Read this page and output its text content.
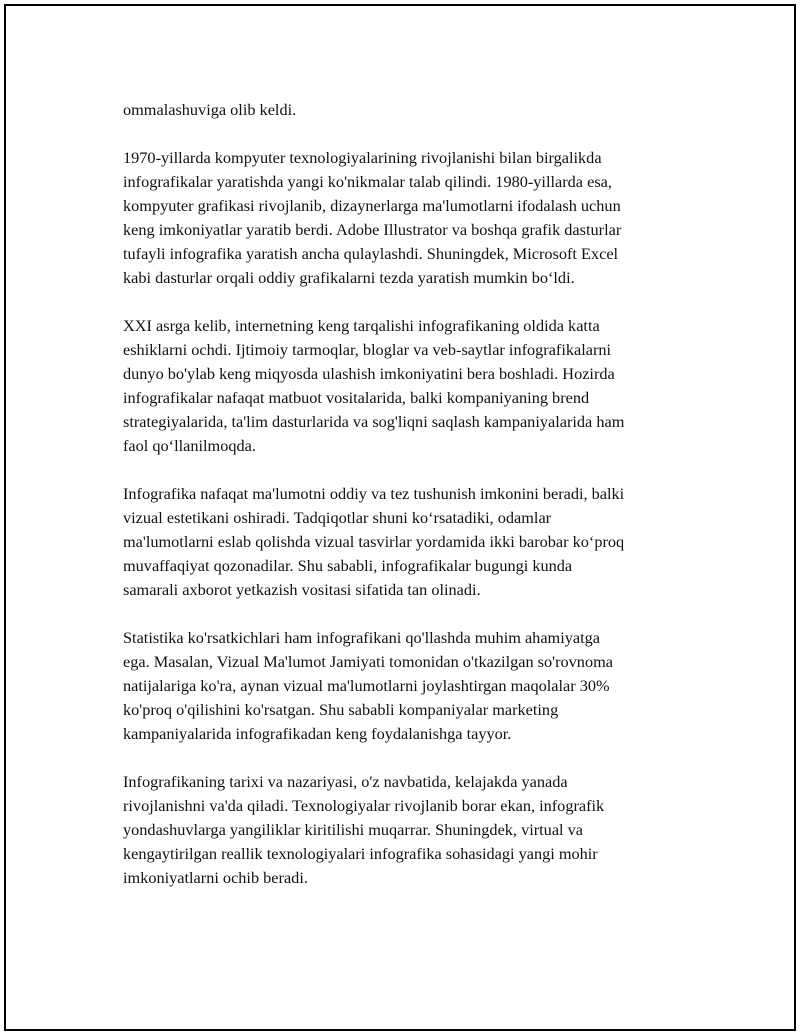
ommalashuviga olib keldi.

1970-yillarda kompyuter texnologiyalarining rivojlanishi bilan birgalikda
infografikalar yaratishda yangi ko'nikmalar talab qilindi. 1980-yillarda esa,
kompyuter grafikasi rivojlanib, dizaynerlarga ma'lumotlarni ifodalash uchun
keng imkoniyatlar yaratib berdi. Adobe Illustrator va boshqa grafik dasturlar
tufayli infografika yaratish ancha qulaylashdi. Shuningdek, Microsoft Excel
kabi dasturlar orqali oddiy grafikalarni tezda yaratish mumkin bo‘ldi.

XXI asrga kelib, internetning keng tarqalishi infografikaning oldida katta
eshiklarni ochdi. Ijtimoiy tarmoqlar, bloglar va veb-saytlar infografikalarni
dunyo bo'ylab keng miqyosda ulashish imkoniyatini bera boshladi. Hozirda
infografikalar nafaqat matbuot vositalarida, balki kompaniyaning brend
strategiyalarida, ta'lim dasturlarida va sog'liqni saqlash kampaniyalarida ham
faol qo‘llanilmoqda.

Infografika nafaqat ma'lumotni oddiy va tez tushunish imkonini beradi, balki
vizual estetikani oshiradi. Tadqiqotlar shuni ko‘rsatadiki, odamlar
ma'lumotlarni eslab qolishda vizual tasvirlar yordamida ikki barobar ko‘proq
muvaffaqiyat qozonadilar. Shu sababli, infografikalar bugungi kunda
samarali axborot yetkazish vositasi sifatida tan olinadi.

Statistika ko'rsatkichlari ham infografikani qo'llashda muhim ahamiyatga
ega. Masalan, Vizual Ma'lumot Jamiyati tomonidan o'tkazilgan so'rovnoma
natijalariga ko'ra, aynan vizual ma'lumotlarni joylashtirgan maqolalar 30%
ko'proq o'qilishini ko'rsatgan. Shu sababli kompaniyalar marketing
kampaniyalarida infografikadan keng foydalanishga tayyor.

Infografikaning tarixi va nazariyasi, o'z navbatida, kelajakda yanada
rivojlanishni va'da qiladi. Texnologiyalar rivojlanib borar ekan, infografik
yondashuvlarga yangiliklar kiritilishi muqarrar. Shuningdek, virtual va
kengaytirilgan reallik texnologiyalari infografika sohasidagi yangi mohir
imkoniyatlarni ochib beradi.
